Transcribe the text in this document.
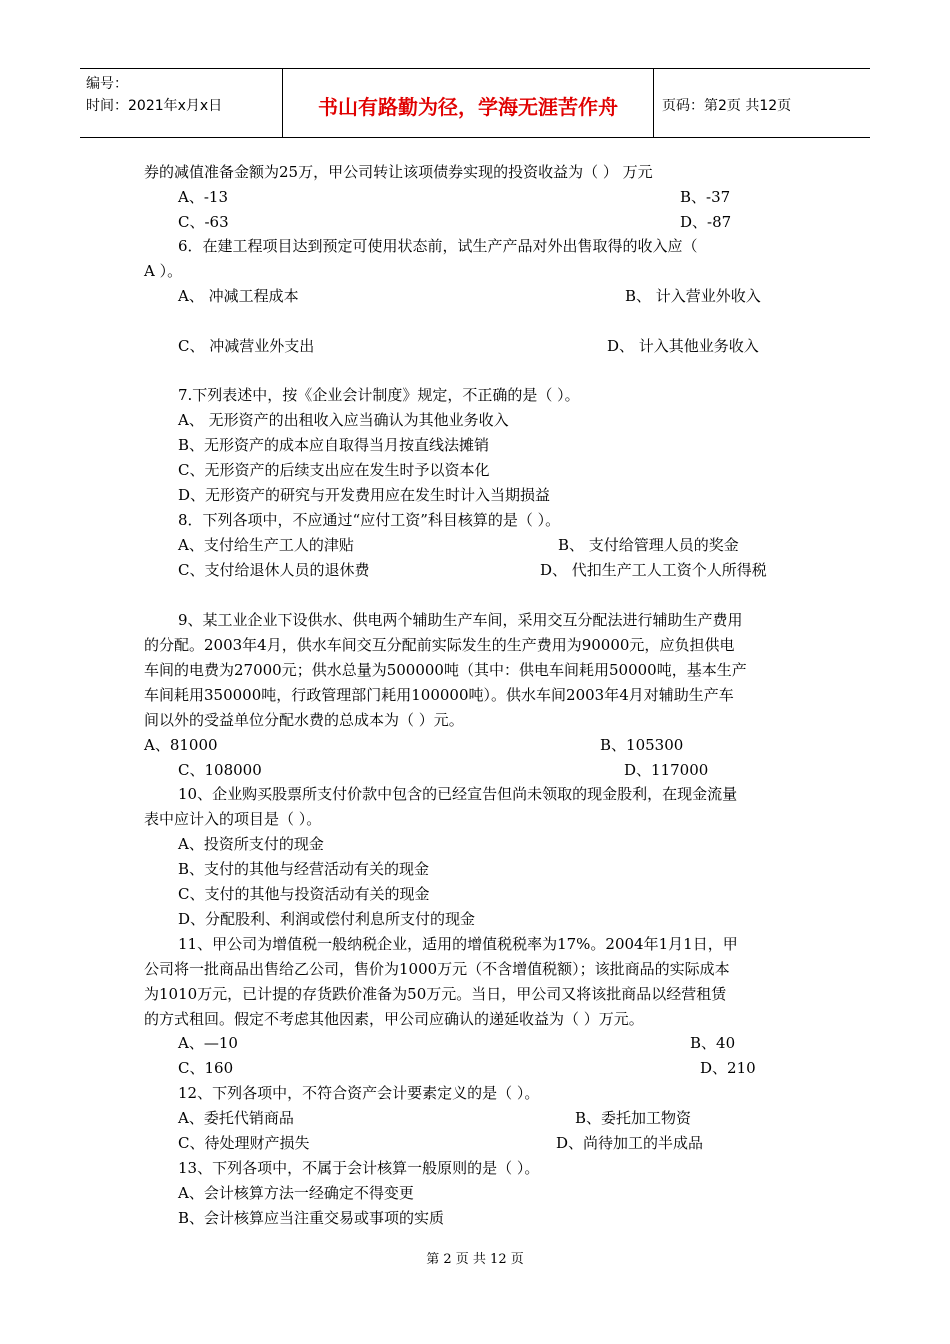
编号：
时间：2021年x月x日	书山有路勤为径，学海无涯苦作舟	页码：第2页 共12页
券的减值准备金额为25万，甲公司转让该项债券实现的投资收益为（ ） 万元
A、-13	B、-37
C、-63	D、-87
6．在建工程项目达到预定可使用状态前，试生产产品对外出售取得的收入应（
A ）。
A、 冲减工程成本	B、 计入营业外收入
C、 冲减营业外支出	D、 计入其他业务收入
7.下列表述中，按《企业会计制度》规定，不正确的是（ ）。
A、 无形资产的出租收入应当确认为其他业务收入
B、无形资产的成本应自取得当月按直线法摊销
C、无形资产的后续支出应在发生时予以资本化
D、无形资产的研究与开发费用应在发生时计入当期损益
8．下列各项中，不应通过“应付工资”科目核算的是（ ）。
A、支付给生产工人的津贴	B、 支付给管理人员的奖金
C、支付给退休人员的退休费	D、 代扣生产工人工资个人所得税
9、某工业企业下设供水、供电两个辅助生产车间，采用交互分配法进行辅助生产费用
的分配。2003年4月，供水车间交互分配前实际发生的生产费用为90000元，应负担供电
车间的电费为27000元；供水总量为500000吨（其中：供电车间耗用50000吨，基本生产
车间耗用350000吨，行政管理部门耗用100000吨）。供水车间2003年4月对辅助生产车
间以外的受益单位分配水费的总成本为（ ）元。
A、81000	B、105300
C、108000	D、117000
10、企业购买股票所支付价款中包含的已经宣告但尚未领取的现金股利，在现金流量
表中应计入的项目是（ ）。
A、投资所支付的现金
B、支付的其他与经营活动有关的现金
C、支付的其他与投资活动有关的现金
D、分配股利、利润或偿付利息所支付的现金
11、甲公司为增值税一般纳税企业，适用的增值税税率为17%。2004年1月1日，甲
公司将一批商品出售给乙公司，售价为1000万元（不含增值税额）；该批商品的实际成本
为1010万元，已计提的存货跌价准备为50万元。当日，甲公司又将该批商品以经营租赁
的方式租回。假定不考虑其他因素，甲公司应确认的递延收益为（ ）万元。
A、—10	B、40
C、160	D、210
12、下列各项中，不符合资产会计要素定义的是（ ）。
A、委托代销商品	B、委托加工物资
C、待处理财产损失	D、尚待加工的半成品
13、下列各项中，不属于会计核算一般原则的是（ ）。
A、会计核算方法一经确定不得变更
B、会计核算应当注重交易或事项的实质
第 2 页 共 12 页
